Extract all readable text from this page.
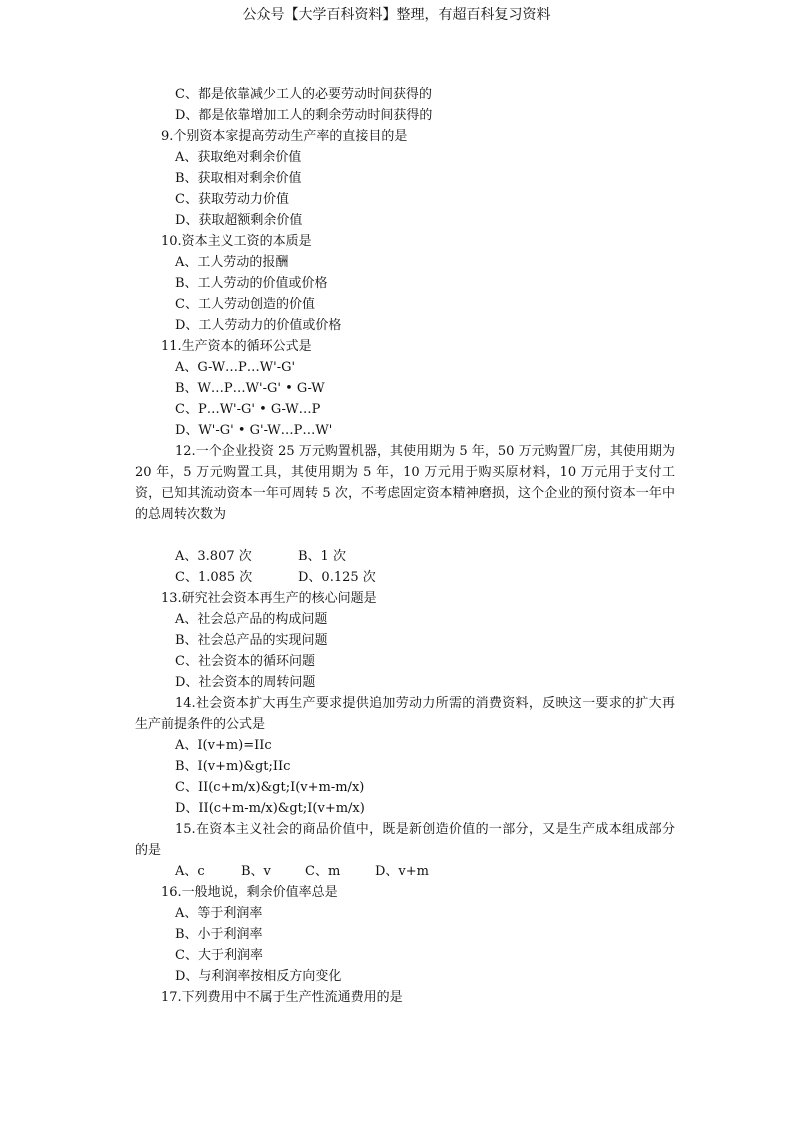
公众号【大学百科资料】整理，有超百科复习资料
C、都是依靠减少工人的必要劳动时间获得的
D、都是依靠增加工人的剩余劳动时间获得的
9.个别资本家提高劳动生产率的直接目的是
A、获取绝对剩余价值
B、获取相对剩余价值
C、获取劳动力价值
D、获取超额剩余价值
10.资本主义工资的本质是
A、工人劳动的报酬
B、工人劳动的价值或价格
C、工人劳动创造的价值
D、工人劳动力的价值或价格
11.生产资本的循环公式是
A、G-W…P…W'-G'
B、W…P…W'-G' • G-W
C、P…W'-G' • G-W…P
D、W'-G' • G'-W…P…W'
12.一个企业投资 25 万元购置机器，其使用期为 5 年，50 万元购置厂房，其使用期为 20 年，5 万元购置工具，其使用期为 5 年，10 万元用于购买原材料，10 万元用于支付工资，已知其流动资本一年可周转 5 次，不考虑固定资本精神磨损，这个企业的预付资本一年中的总周转次数为
A、3.807 次	B、1 次
C、1.085 次	D、0.125 次
13.研究社会资本再生产的核心问题是
A、社会总产品的构成问题
B、社会总产品的实现问题
C、社会资本的循环问题
D、社会资本的周转问题
14.社会资本扩大再生产要求提供追加劳动力所需的消费资料，反映这一要求的扩大再生产前提条件的公式是
A、I(v+m)=IIc
B、I(v+m)&gt;IIc
C、II(c+m/x)&gt;I(v+m-m/x)
D、II(c+m-m/x)&gt;I(v+m/x)
15.在资本主义社会的商品价值中，既是新创造价值的一部分，又是生产成本组成部分的是
A、c	B、v	C、m	D、v+m
16.一般地说，剩余价值率总是
A、等于利润率
B、小于利润率
C、大于利润率
D、与利润率按相反方向变化
17.下列费用中不属于生产性流通费用的是
